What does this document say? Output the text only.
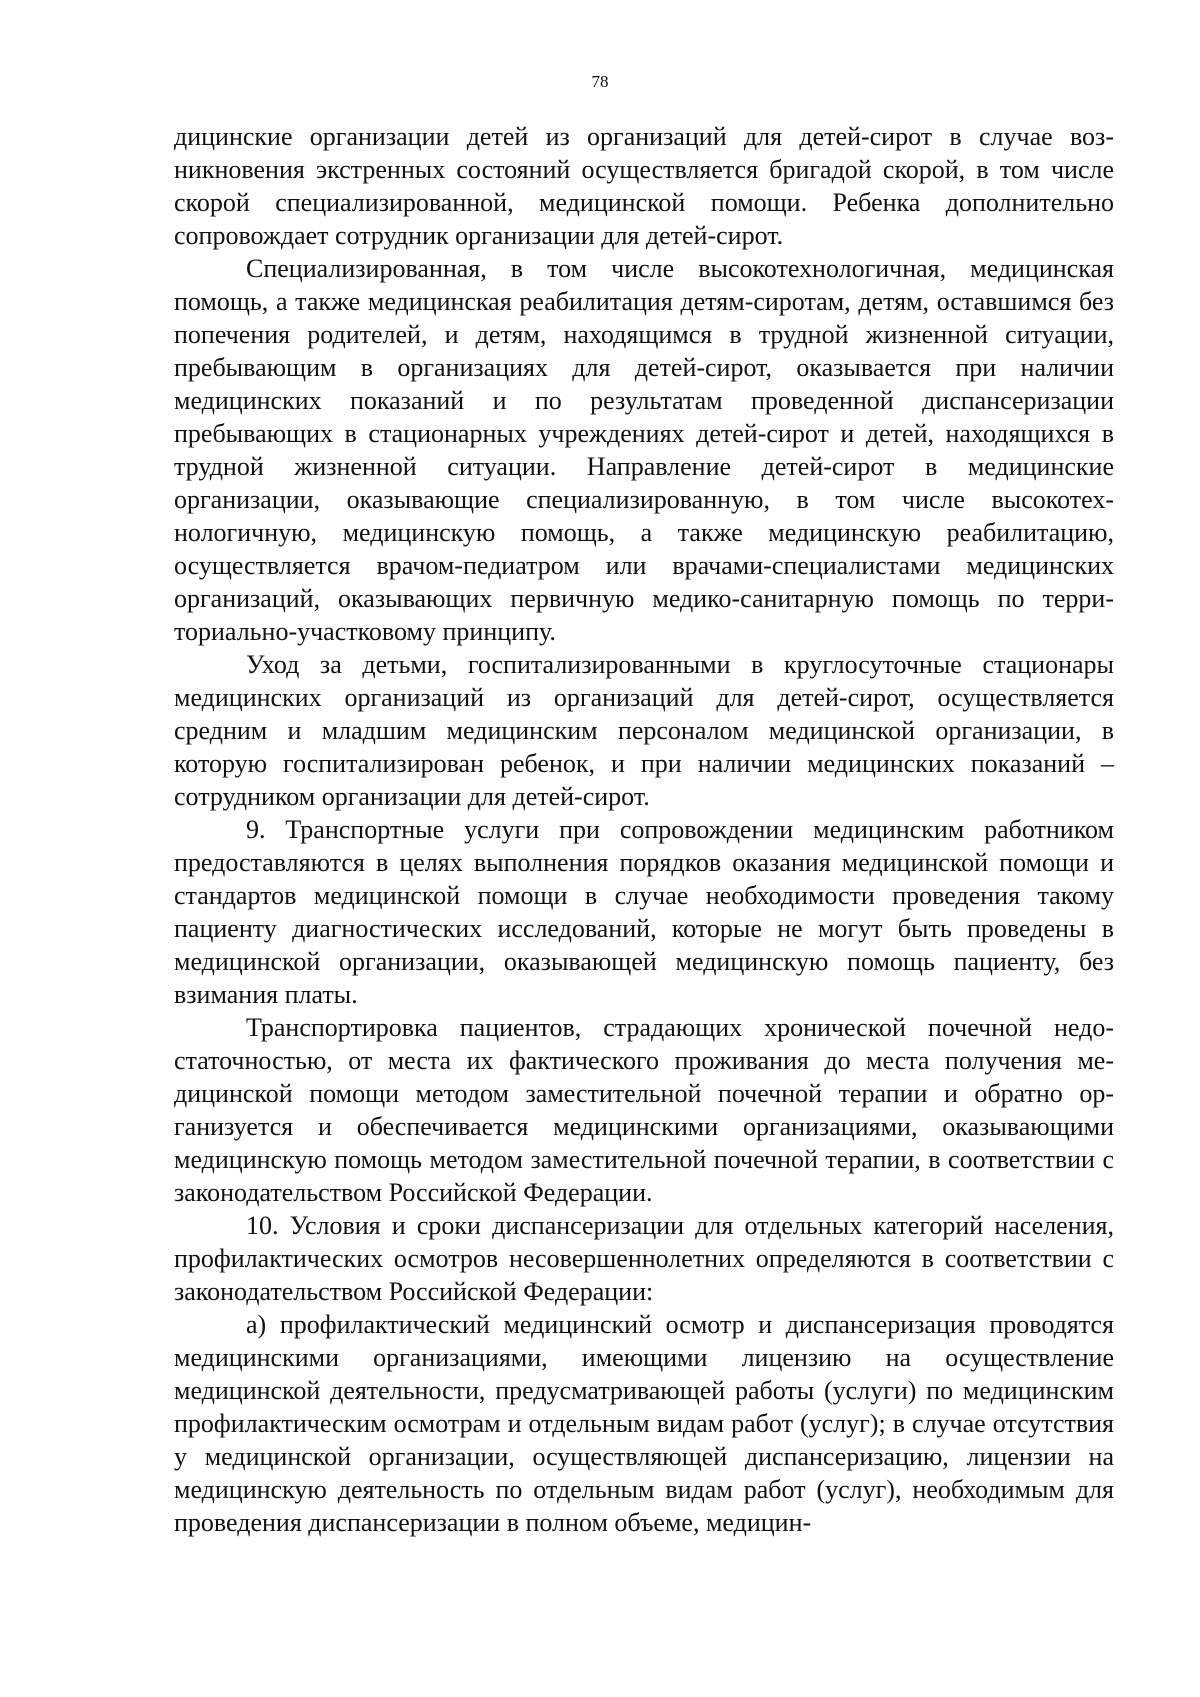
78

дицинские организации детей из организаций для детей-сирот в случае возникновения экстренных состояний осуществляется бригадой скорой, в том числе скорой специализированной, медицинской помощи. Ребенка дополнительно сопровождает сотрудник организации для детей-сирот.

Специализированная, в том числе высокотехнологичная, медицинская помощь, а также медицинская реабилитация детям-сиротам, детям, оставшимся без попечения родителей, и детям, находящимся в трудной жизненной ситуации, пребывающим в организациях для детей-сирот, оказывается при наличии медицинских показаний и по результатам проведенной диспансеризации пребывающих в стационарных учреждениях детей-сирот и детей, находящихся в трудной жизненной ситуации. Направление детей-сирот в медицинские организации, оказывающие специализированную, в том числе высокотехнологичную, медицинскую помощь, а также медицинскую реабилитацию, осуществляется врачом-педиатром или врачами-специалистами медицинских организаций, оказывающих первичную медико-санитарную помощь по территориально-участковому принципу.

Уход за детьми, госпитализированными в круглосуточные стационары медицинских организаций из организаций для детей-сирот, осуществляется средним и младшим медицинским персоналом медицинской организации, в которую госпитализирован ребенок, и при наличии медицинских показаний – сотрудником организации для детей-сирот.

9. Транспортные услуги при сопровождении медицинским работником предоставляются в целях выполнения порядков оказания медицинской помощи и стандартов медицинской помощи в случае необходимости проведения такому пациенту диагностических исследований, которые не могут быть проведены в медицинской организации, оказывающей медицинскую помощь пациенту, без взимания платы.

Транспортировка пациентов, страдающих хронической почечной недостаточностью, от места их фактического проживания до места получения медицинской помощи методом заместительной почечной терапии и обратно организуется и обеспечивается медицинскими организациями, оказывающими медицинскую помощь методом заместительной почечной терапии, в соответствии с законодательством Российской Федерации.

10. Условия и сроки диспансеризации для отдельных категорий населения, профилактических осмотров несовершеннолетних определяются в соответствии с законодательством Российской Федерации:

а) профилактический медицинский осмотр и диспансеризация проводятся медицинскими организациями, имеющими лицензию на осуществление медицинской деятельности, предусматривающей работы (услуги) по медицинским профилактическим осмотрам и отдельным видам работ (услуг); в случае отсутствия у медицинской организации, осуществляющей диспансеризацию, лицензии на медицинскую деятельность по отдельным видам работ (услуг), необходимым для проведения диспансеризации в полном объеме, медицин-
